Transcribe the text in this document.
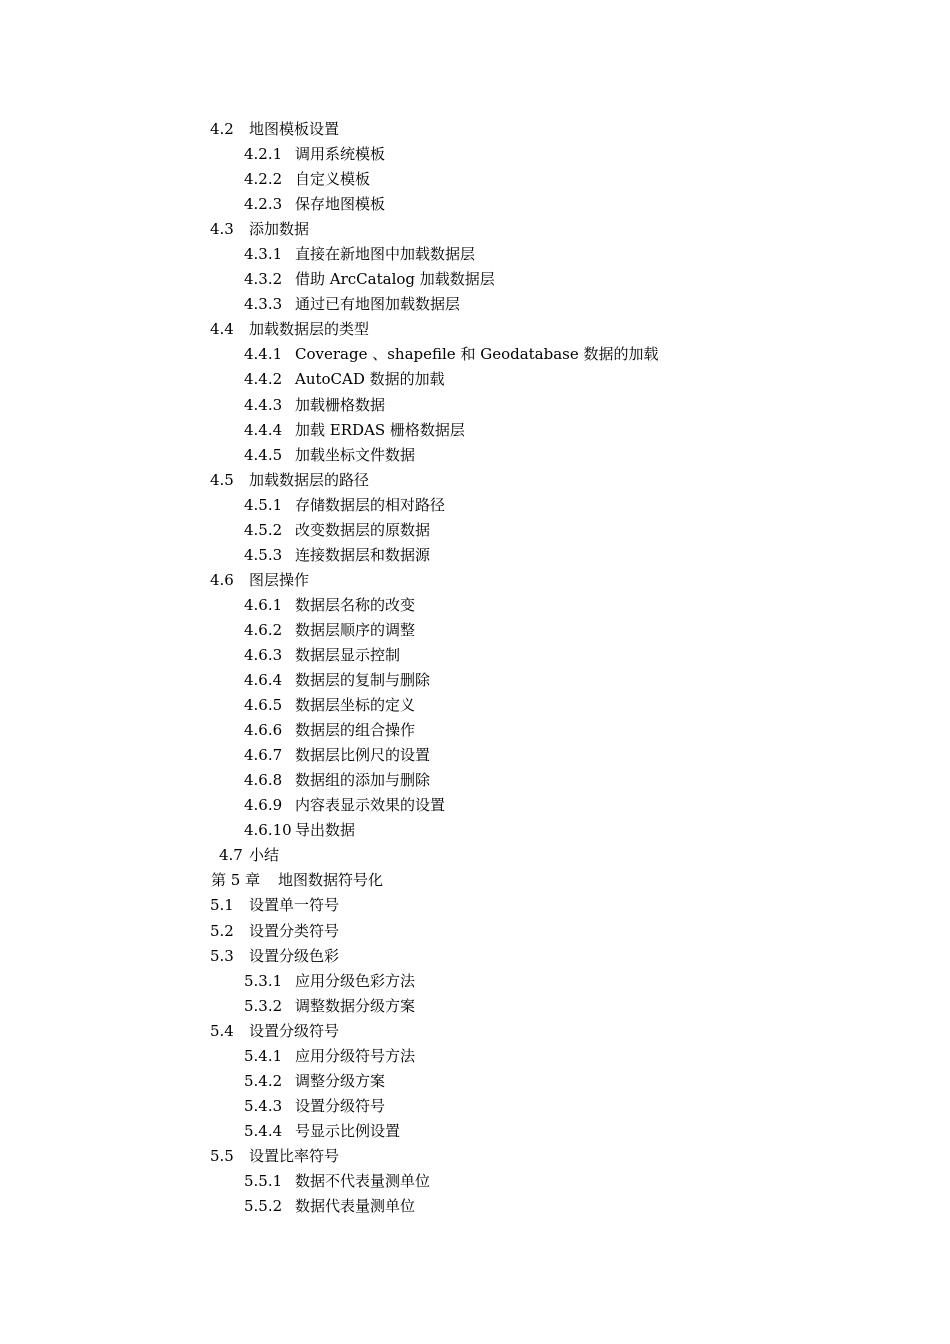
4.2 地图模板设置
4.2.1 调用系统模板
4.2.2 自定义模板
4.2.3 保存地图模板
4.3 添加数据
4.3.1 直接在新地图中加载数据层
4.3.2 借助 ArcCatalog 加载数据层
4.3.3 通过已有地图加载数据层
4.4 加载数据层的类型
4.4.1 Coverage 、shapefile 和 Geodatabase 数据的加载
4.4.2 AutoCAD 数据的加载
4.4.3 加载栅格数据
4.4.4 加载 ERDAS 栅格数据层
4.4.5 加载坐标文件数据
4.5 加载数据层的路径
4.5.1 存储数据层的相对路径
4.5.2 改变数据层的原数据
4.5.3 连接数据层和数据源
4.6 图层操作
4.6.1 数据层名称的改变
4.6.2 数据层顺序的调整
4.6.3 数据层显示控制
4.6.4 数据层的复制与删除
4.6.5 数据层坐标的定义
4.6.6 数据层的组合操作
4.6.7 数据层比例尺的设置
4.6.8 数据组的添加与删除
4.6.9 内容表显示效果的设置
4.6.10 导出数据
4.7 小结
第 5 章 地图数据符号化
5.1 设置单一符号
5.2 设置分类符号
5.3 设置分级色彩
5.3.1 应用分级色彩方法
5.3.2 调整数据分级方案
5.4 设置分级符号
5.4.1 应用分级符号方法
5.4.2 调整分级方案
5.4.3 设置分级符号
5.4.4 号显示比例设置
5.5 设置比率符号
5.5.1 数据不代表量测单位
5.5.2 数据代表量测单位
